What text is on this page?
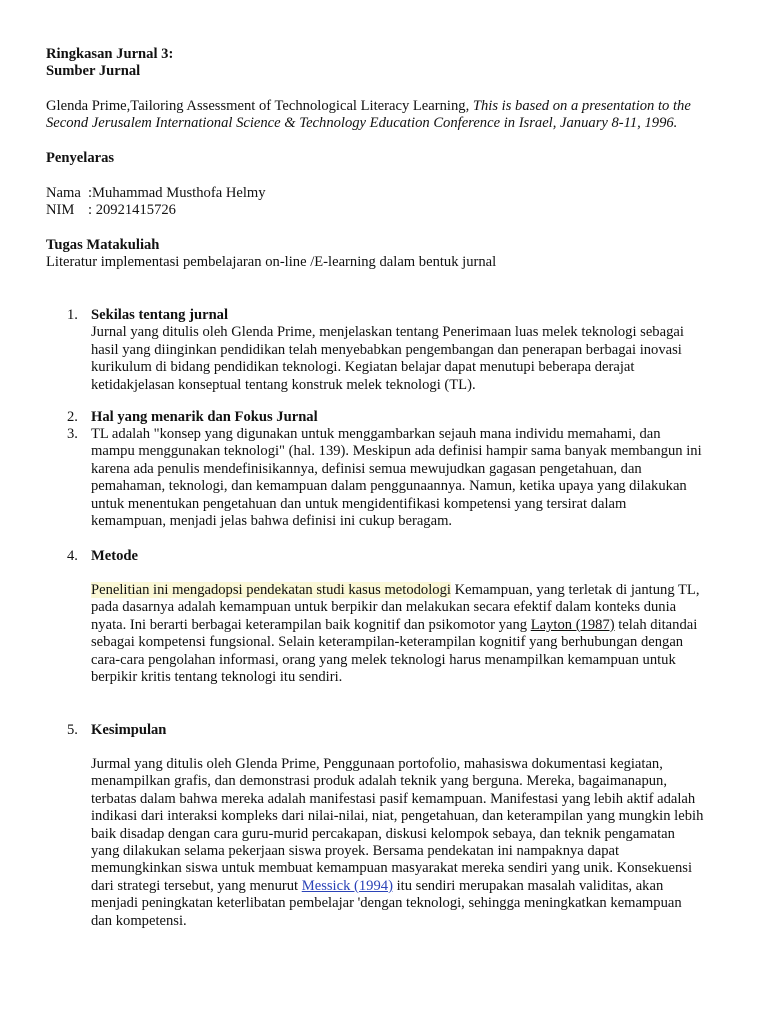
Ringkasan Jurnal 3:

Sumber Jurnal

Glenda Prime,Tailoring Assessment of Technological Literacy Learning, This is based on a presentation to the Second Jerusalem International Science & Technology Education Conference in Israel, January 8-11, 1996.

Penyelaras

Nama :Muhammad Musthofa Helmy
NIM : 20921415726

Tugas Matakuliah

Literatur implementasi pembelajaran on-line /E-learning dalam bentuk jurnal

1. Sekilas tentang jurnal

Jurnal yang ditulis oleh Glenda Prime, menjelaskan tentang Penerimaan luas melek teknologi sebagai

hasil yang diinginkan pendidikan telah menyebabkan pengembangan dan penerapan berbagai inovasi

kurikulum di bidang pendidikan teknologi. Kegiatan belajar dapat menutupi beberapa derajat

ketidakjelasan konseptual tentang konstruk melek teknologi (TL).

2. Hal yang menarik dan Fokus Jurnal

3. TL adalah "konsep yang digunakan untuk menggambarkan sejauh mana individu memahami, dan

mampu menggunakan teknologi" (hal. 139). Meskipun ada definisi hampir sama banyak membangun ini

karena ada penulis mendefinisikannya, definisi semua mewujudkan gagasan pengetahuan, dan

pemahaman, teknologi, dan kemampuan dalam penggunaannya. Namun, ketika upaya yang dilakukan

untuk menentukan pengetahuan dan untuk mengidentifikasi kompetensi yang tersirat dalam

kemampuan, menjadi jelas bahwa definisi ini cukup beragam.

4. Metode

Penelitian ini mengadopsi pendekatan studi kasus metodologi Kemampuan, yang terletak di jantung TL,

pada dasarnya adalah kemampuan untuk berpikir dan melakukan secara efektif dalam konteks dunia

nyata. Ini berarti berbagai keterampilan baik kognitif dan psikomotor yang Layton (1987) telah ditandai

sebagai kompetensi fungsional. Selain keterampilan-keterampilan kognitif yang berhubungan dengan

cara-cara pengolahan informasi, orang yang melek teknologi harus menampilkan kemampuan untuk

berpikir kritis tentang teknologi itu sendiri.

5. Kesimpulan

Jurmal yang ditulis oleh Glenda Prime, Penggunaan portofolio, mahasiswa dokumentasi kegiatan,

menampilkan grafis, dan demonstrasi produk adalah teknik yang berguna. Mereka, bagaimanapun,

terbatas dalam bahwa mereka adalah manifestasi pasif kemampuan. Manifestasi yang lebih aktif adalah

indikasi dari interaksi kompleks dari nilai-nilai, niat, pengetahuan, dan keterampilan yang mungkin lebih

baik disadap dengan cara guru-murid percakapan, diskusi kelompok sebaya, dan teknik pengamatan

yang dilakukan selama pekerjaan siswa proyek. Bersama pendekatan ini nampaknya dapat

memungkinkan siswa untuk membuat kemampuan masyarakat mereka sendiri yang unik. Konsekuensi

dari strategi tersebut, yang menurut Messick (1994) itu sendiri merupakan masalah validitas, akan

menjadi peningkatan keterlibatan pembelajar 'dengan teknologi, sehingga meningkatkan kemampuan

dan kompetensi.
